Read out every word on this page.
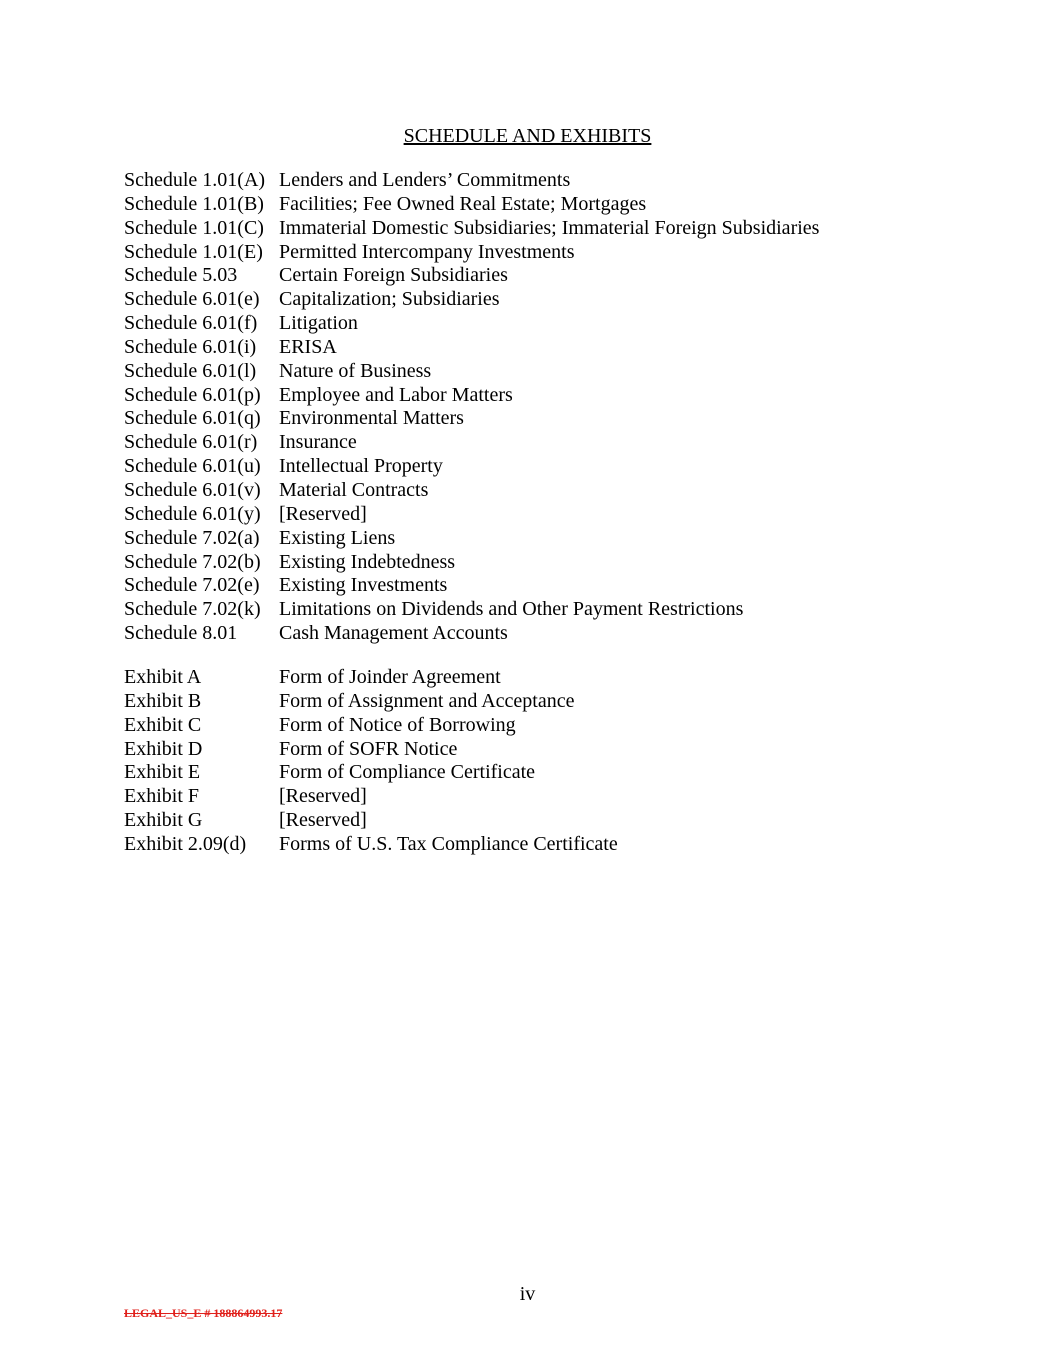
SCHEDULE AND EXHIBITS
Schedule 1.01(A) Lenders and Lenders’ Commitments
Schedule 1.01(B) Facilities; Fee Owned Real Estate; Mortgages
Schedule 1.01(C) Immaterial Domestic Subsidiaries; Immaterial Foreign Subsidiaries
Schedule 1.01(E) Permitted Intercompany Investments
Schedule 5.03 Certain Foreign Subsidiaries
Schedule 6.01(e) Capitalization; Subsidiaries
Schedule 6.01(f) Litigation
Schedule 6.01(i) ERISA
Schedule 6.01(l) Nature of Business
Schedule 6.01(p) Employee and Labor Matters
Schedule 6.01(q) Environmental Matters
Schedule 6.01(r) Insurance
Schedule 6.01(u) Intellectual Property
Schedule 6.01(v) Material Contracts
Schedule 6.01(y) [Reserved]
Schedule 7.02(a) Existing Liens
Schedule 7.02(b) Existing Indebtedness
Schedule 7.02(e) Existing Investments
Schedule 7.02(k) Limitations on Dividends and Other Payment Restrictions
Schedule 8.01 Cash Management Accounts
Exhibit A	Form of Joinder Agreement
Exhibit B	Form of Assignment and Acceptance
Exhibit C	Form of Notice of Borrowing
Exhibit D	Form of SOFR Notice
Exhibit E	Form of Compliance Certificate
Exhibit F	[Reserved]
Exhibit G	[Reserved]
Exhibit 2.09(d) Forms of U.S. Tax Compliance Certificate
iv
LEGAL_US_E # 188864993.17
